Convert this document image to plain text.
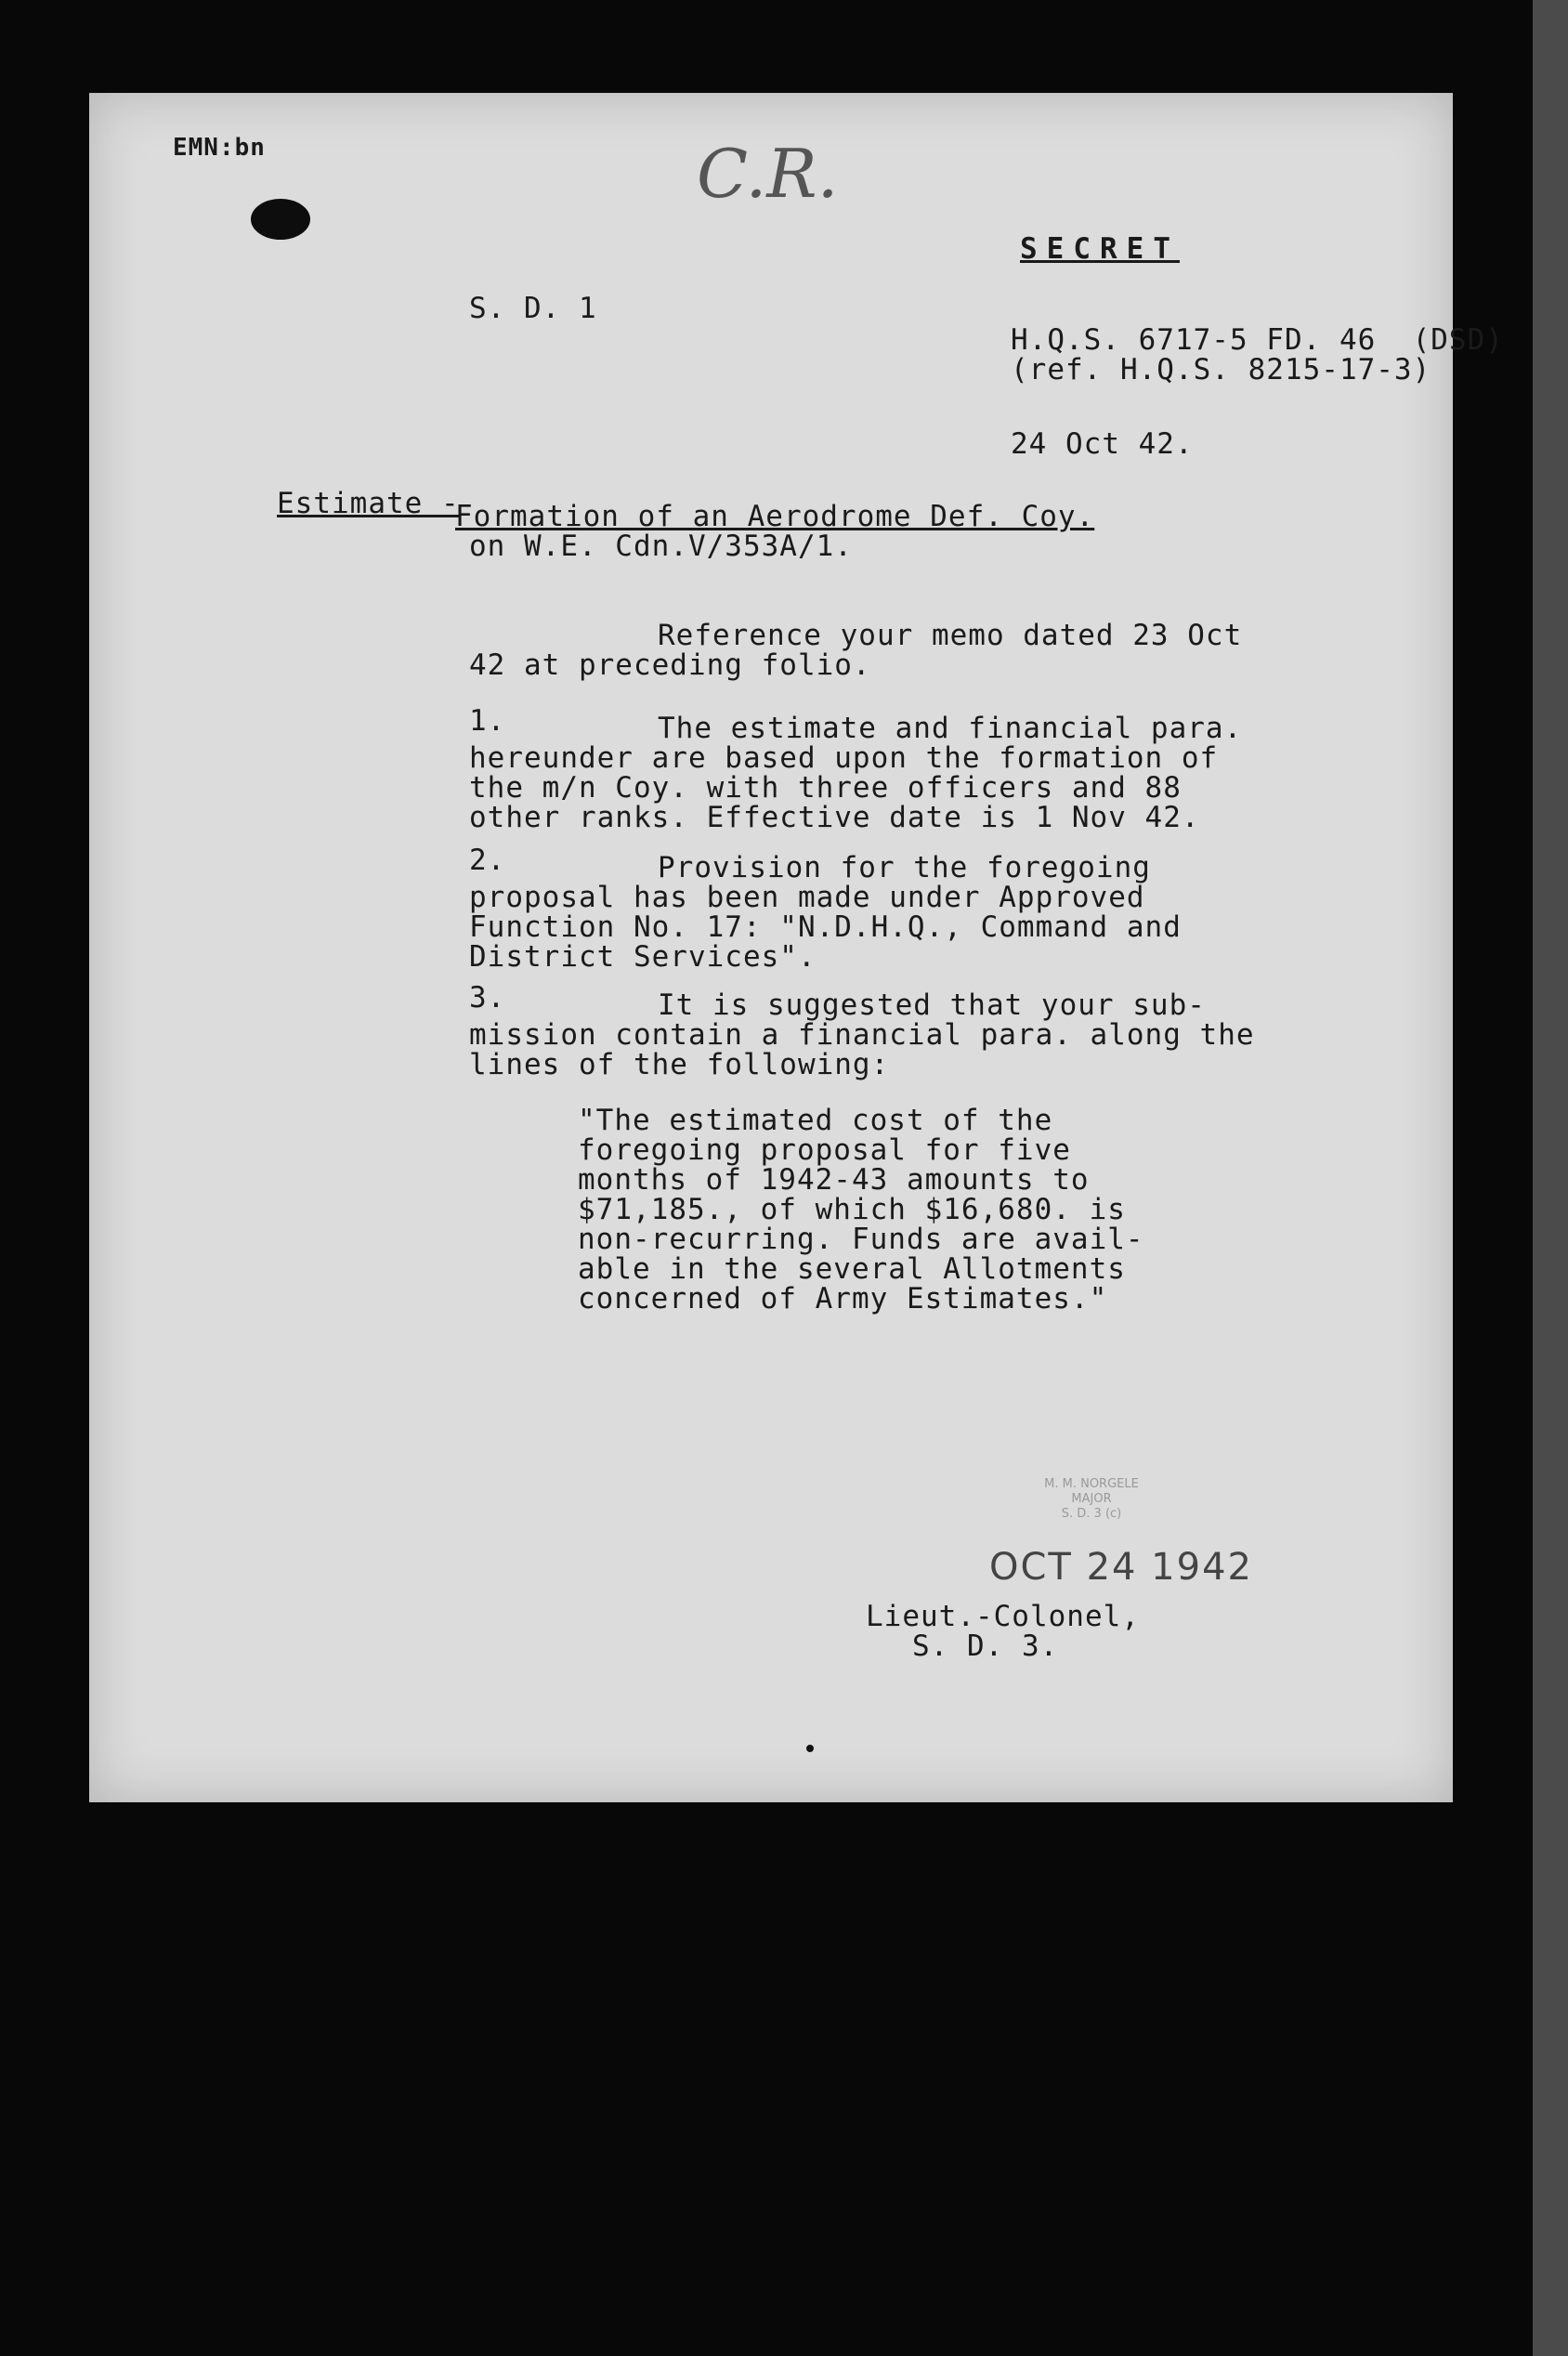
EMN:bn	C.R.
SECRET
S. D. 1
H.Q.S. 6717-5 FD. 46  (DSD)
(ref. H.Q.S. 8215-17-3)
24 Oct 42.
Estimate -
Formation of an Aerodrome Def. Coy.
on W.E. Cdn.V/353A/1.
Reference your memo dated 23 Oct
42 at preceding folio.
1.	The estimate and financial para.
hereunder are based upon the formation of
the m/n Coy. with three officers and 88
other ranks. Effective date is 1 Nov 42.
2.	Provision for the foregoing
proposal has been made under Approved
Function No. 17: "N.D.H.Q., Command and
District Services".
3.	It is suggested that your sub-
mission contain a financial para. along the
lines of the following:
"The estimated cost of the
foregoing proposal for five
months of 1942-43 amounts to
$71,185., of which $16,680. is
non-recurring. Funds are avail-
able in the several Allotments
concerned of Army Estimates."
M. M. NORGELE
MAJOR
S. D. 3 (c)
OCT 24 1942
Lieut.-Colonel,
S. D. 3.
